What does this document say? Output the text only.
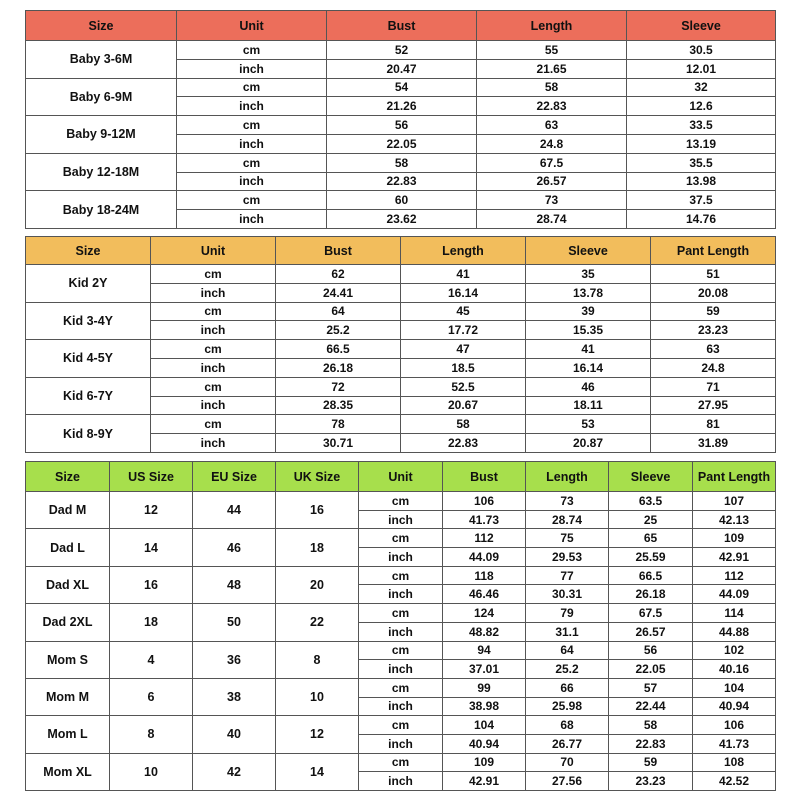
Size	Unit	Bust	Length	Sleeve
Baby 3-6M	cm	52	55	30.5
	inch	20.47	21.65	12.01
Baby 6-9M	cm	54	58	32
	inch	21.26	22.83	12.6
Baby 9-12M	cm	56	63	33.5
	inch	22.05	24.8	13.19
Baby 12-18M	cm	58	67.5	35.5
	inch	22.83	26.57	13.98
Baby 18-24M	cm	60	73	37.5
	inch	23.62	28.74	14.76
Size	Unit	Bust	Length	Sleeve	Pant Length
Kid 2Y	cm	62	41	35	51
	inch	24.41	16.14	13.78	20.08
Kid 3-4Y	cm	64	45	39	59
	inch	25.2	17.72	15.35	23.23
Kid 4-5Y	cm	66.5	47	41	63
	inch	26.18	18.5	16.14	24.8
Kid 6-7Y	cm	72	52.5	46	71
	inch	28.35	20.67	18.11	27.95
Kid 8-9Y	cm	78	58	53	81
	inch	30.71	22.83	20.87	31.89
Size	US Size	EU Size	UK Size	Unit	Bust	Length	Sleeve	Pant Length
Dad M	12	44	16	cm	106	73	63.5	107
				inch	41.73	28.74	25	42.13
Dad L	14	46	18	cm	112	75	65	109
				inch	44.09	29.53	25.59	42.91
Dad XL	16	48	20	cm	118	77	66.5	112
				inch	46.46	30.31	26.18	44.09
Dad 2XL	18	50	22	cm	124	79	67.5	114
				inch	48.82	31.1	26.57	44.88
Mom S	4	36	8	cm	94	64	56	102
				inch	37.01	25.2	22.05	40.16
Mom M	6	38	10	cm	99	66	57	104
				inch	38.98	25.98	22.44	40.94
Mom L	8	40	12	cm	104	68	58	106
				inch	40.94	26.77	22.83	41.73
Mom XL	10	42	14	cm	109	70	59	108
				inch	42.91	27.56	23.23	42.52
